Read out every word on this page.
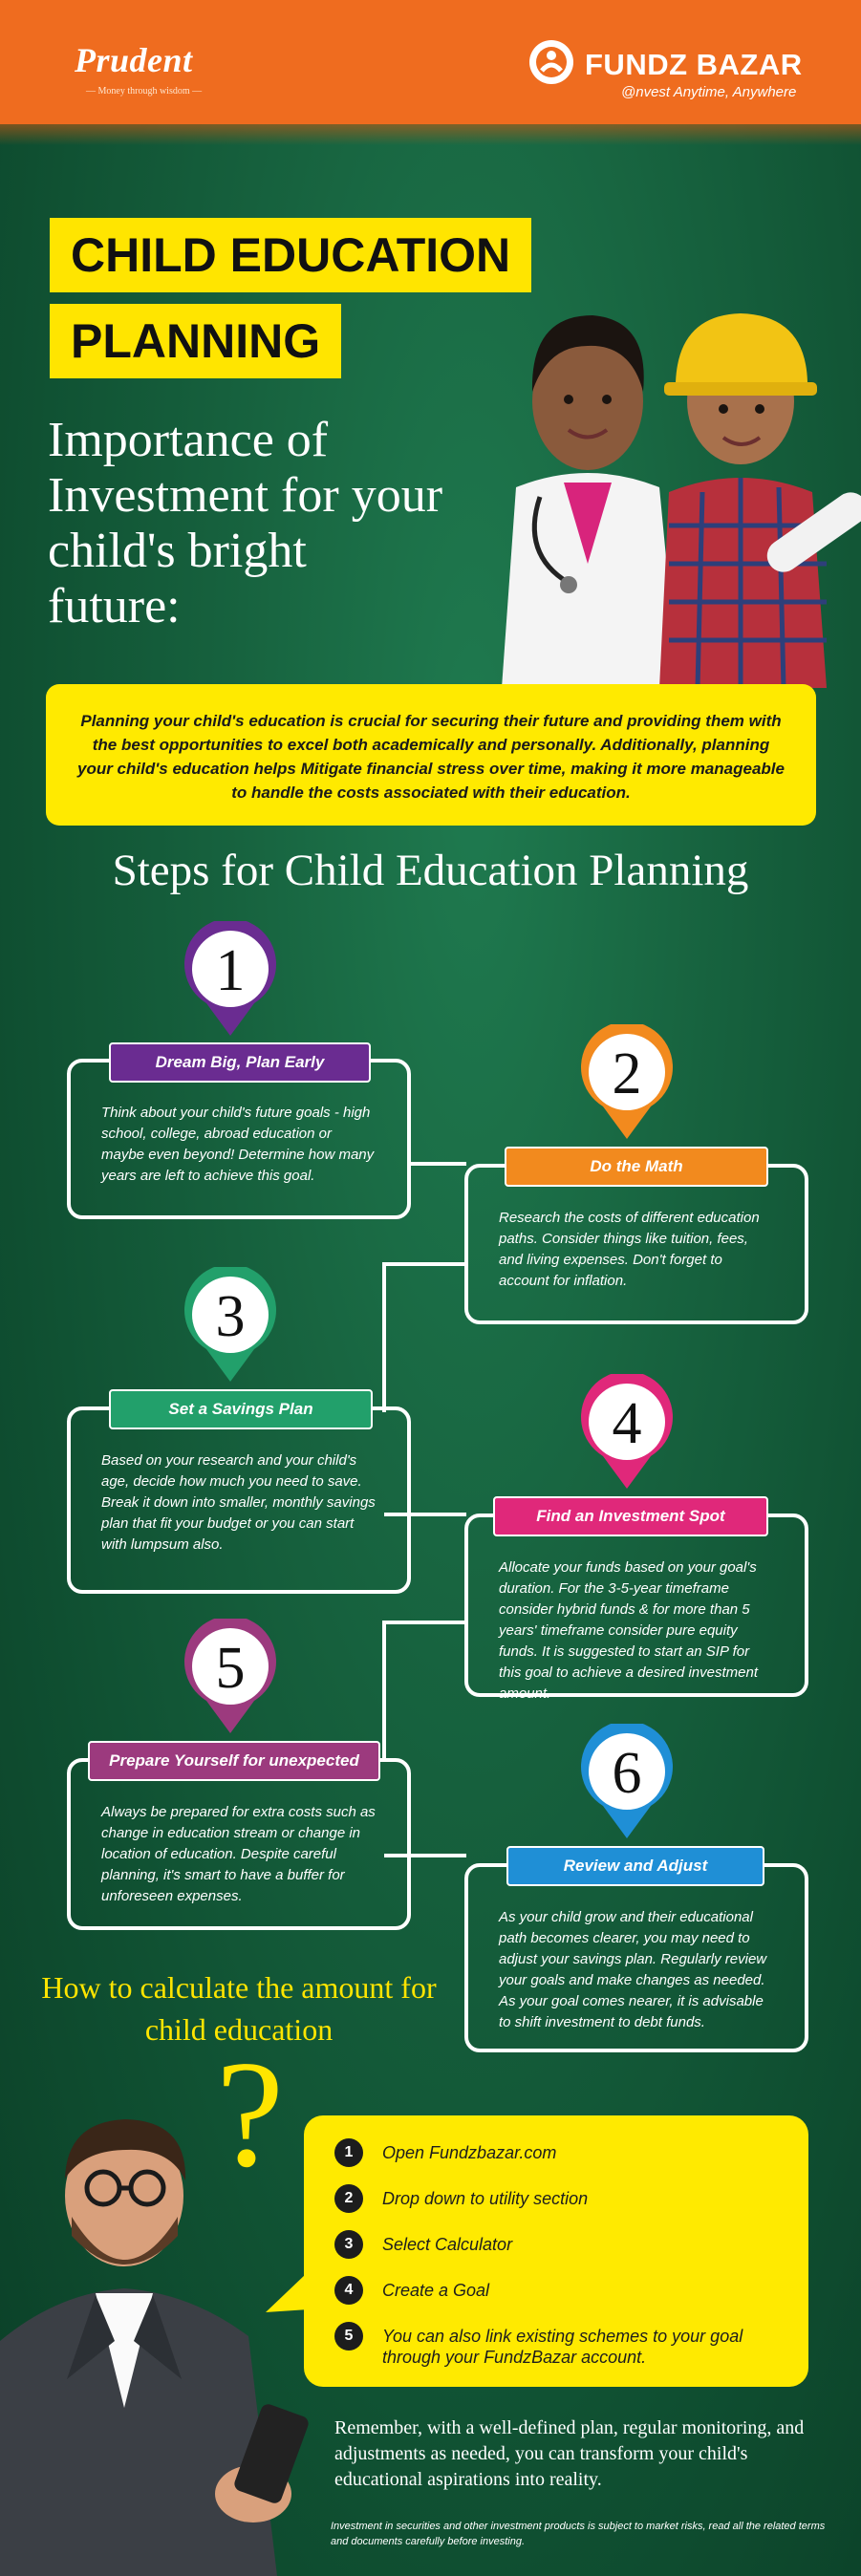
Prudent
— Money through wisdom —
FUNDZ BAZAR
@nvest Anytime, Anywhere
CHILD EDUCATION
PLANNING
Importance of Investment for your child's bright future:
Planning your child's education is crucial for securing their future and providing them with the best opportunities to excel both academically and personally. Additionally, planning your child's education helps Mitigate financial stress over time, making it more manageable to handle the costs associated with their education.
Steps for Child Education Planning
Think about your child's future goals - high school, college, abroad education or maybe even beyond! Determine how many years are left to achieve this goal.
Dream Big, Plan Early
1
Research the costs of different education paths. Consider things like tuition, fees, and living expenses. Don't forget to account for inflation.
Do the Math
2
Based on your research and your child's age, decide how much you need to save. Break it down into smaller, monthly savings plan that fit your budget or you can start with lumpsum also.
Set a Savings Plan
3
Allocate your funds based on your goal's duration. For the 3-5-year timeframe consider hybrid funds & for more than 5 years' timeframe consider pure equity funds. It is suggested to start an SIP for this goal to achieve a desired investment amount.
Find an Investment Spot
4
Always be prepared for extra costs such as change in education stream or change in location of education. Despite careful planning, it's smart to have a buffer for unforeseen expenses.
Prepare Yourself for unexpected
5
As your child grow and their educational path becomes clearer, you may need to adjust your savings plan. Regularly review your goals and make changes as needed. As your goal comes nearer, it is advisable to shift investment to debt funds.
Review and Adjust
6
How to calculate the amount for child education
?	1	Open Fundzbazar.com
2	Drop down to utility section
3	Select Calculator
4	Create a Goal
5	You can also link existing schemes to your goal through your FundzBazar account.
Remember, with a well-defined plan, regular monitoring, and adjustments as needed, you can transform your child's educational aspirations into reality.
Investment in securities and other investment products is subject to market risks, read all the related terms and documents carefully before investing.
